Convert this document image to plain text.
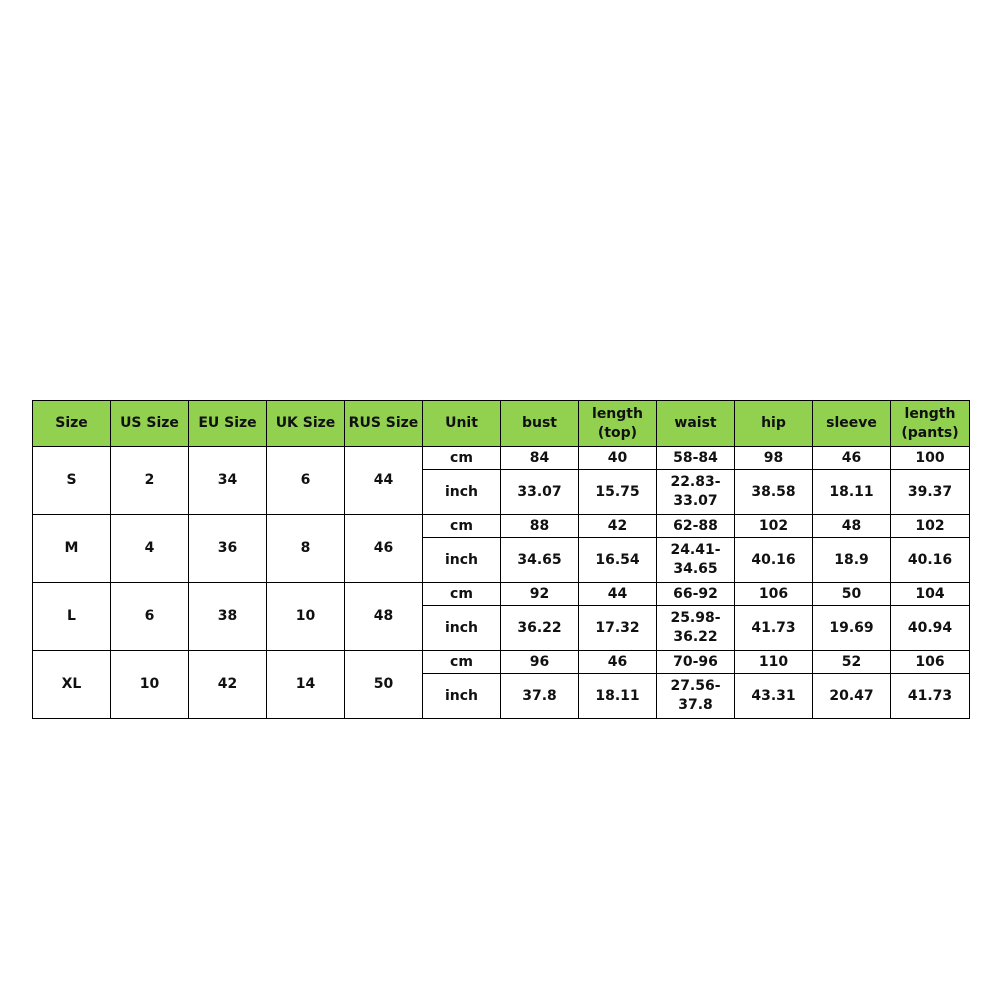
Size	US Size	EU Size	UK Size	RUS Size	Unit	bust	length (top)	waist	hip	sleeve	length (pants)
S	2	34	6	44	cm	84	40	58-84	98	46	100
					inch	33.07	15.75	22.83-33.07	38.58	18.11	39.37
M	4	36	8	46	cm	88	42	62-88	102	48	102
					inch	34.65	16.54	24.41-34.65	40.16	18.9	40.16
L	6	38	10	48	cm	92	44	66-92	106	50	104
					inch	36.22	17.32	25.98-36.22	41.73	19.69	40.94
XL	10	42	14	50	cm	96	46	70-96	110	52	106
					inch	37.8	18.11	27.56-37.8	43.31	20.47	41.73
